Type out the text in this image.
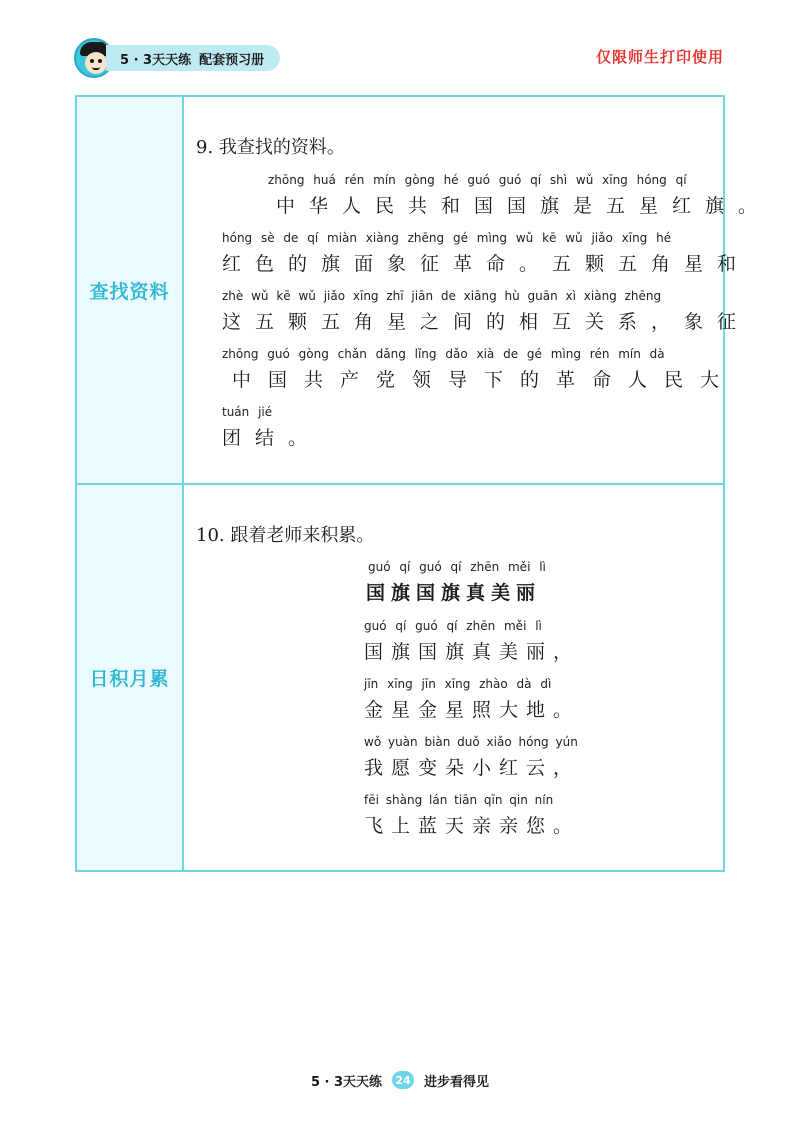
5 · 3天天练 配套预习册	仅限师生打印使用
查找资料
9. 我查找的资料。
zhōng huá rén mín gòng hé guó guó qí shì wǔ xīng hóng qí
中华人民共和国国旗是五星红旗。
hóng sè de qí miàn xiàng zhēng gé mìng wǔ kē wǔ jiǎo xīng hé
红色的旗面象征革命。五颗五角星和
zhè wǔ kē wǔ jiǎo xīng zhī jiān de xiāng hù guān xì xiàng zhēng
这五颗五角星之间的相互关系，象征
zhōng guó gòng chǎn dǎng lǐng dǎo xià de gé mìng rén mín dà
中国共产党领导下的革命人民大
tuán jié
团结。
日积月累
10. 跟着老师来积累。
guó qí guó qí zhēn měi lì
国旗国旗真美丽
guó qí guó qí zhēn měi lì
国旗国旗真美丽，
jīn xīng jīn xīng zhào dà dì
金星金星照大地。
wǒ yuàn biàn duǒ xiǎo hóng yún
我愿变朵小红云，
fēi shàng lán tiān qīn qin nín
飞上蓝天亲亲您。
5 · 3天天练	24 进步看得见
